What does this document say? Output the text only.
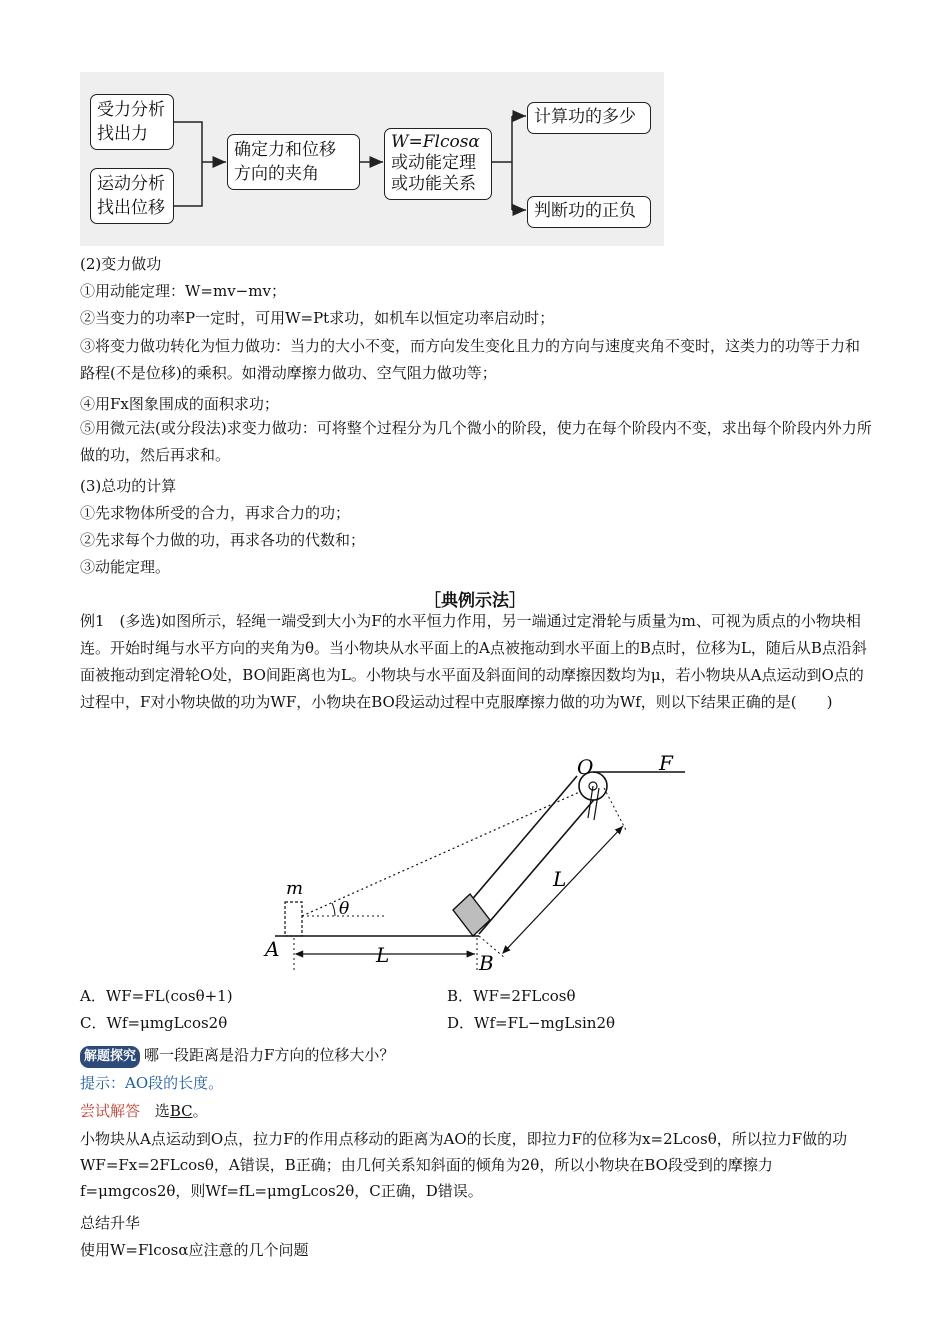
受力分析
找出力
运动分析
找出位移
确定力和位移
方向的夹角
W=Flcosα
或动能定理
或功能关系
计算功的多少
判断功的正负
(2)变力做功
①用动能定理：W=mv−mv；
②当变力的功率P一定时，可用W=Pt求功，如机车以恒定功率启动时；
③将变力做功转化为恒力做功：当力的大小不变，而方向发生变化且力的方向与速度夹角不变时，这类力的功等于力和路程(不是位移)的乘积。如滑动摩擦力做功、空气阻力做功等；
④用Fx图象围成的面积求功；
⑤用微元法(或分段法)求变力做功：可将整个过程分为几个微小的阶段，使力在每个阶段内不变，求出每个阶段内外力所做的功，然后再求和。
(3)总功的计算
①先求物体所受的合力，再求合力的功；
②先求每个力做的功，再求各功的代数和；
③动能定理。
［典例示法］
例1　(多选)如图所示，轻绳一端受到大小为F的水平恒力作用，另一端通过定滑轮与质量为m、可视为质点的小物块相连。开始时绳与水平方向的夹角为θ。当小物块从水平面上的A点被拖动到水平面上的B点时，位移为L，随后从B点沿斜面被拖动到定滑轮O处，BO间距离也为L。小物块与水平面及斜面间的动摩擦因数均为μ，若小物块从A点运动到O点的过程中，F对小物块做的功为WF，小物块在BO段运动过程中克服摩擦力做的功为Wf，则以下结果正确的是(　　)
O	F
m
θ
A
B
L
L
A．WF=FL(cosθ+1)	B．WF=2FLcosθ
C．Wf=μmgLcos2θ	D．Wf=FL−mgLsin2θ
解题探究 哪一段距离是沿力F方向的位移大小？
提示：AO段的长度。
尝试解答 选BC。
小物块从A点运动到O点，拉力F的作用点移动的距离为AO的长度，即拉力F的位移为x=2Lcosθ，所以拉力F做的功WF=Fx=2FLcosθ，A错误，B正确；由几何关系知斜面的倾角为2θ，所以小物块在BO段受到的摩擦力f=μmgcos2θ，则Wf=fL=μmgLcos2θ，C正确，D错误。
总结升华
使用W=Flcosα应注意的几个问题
